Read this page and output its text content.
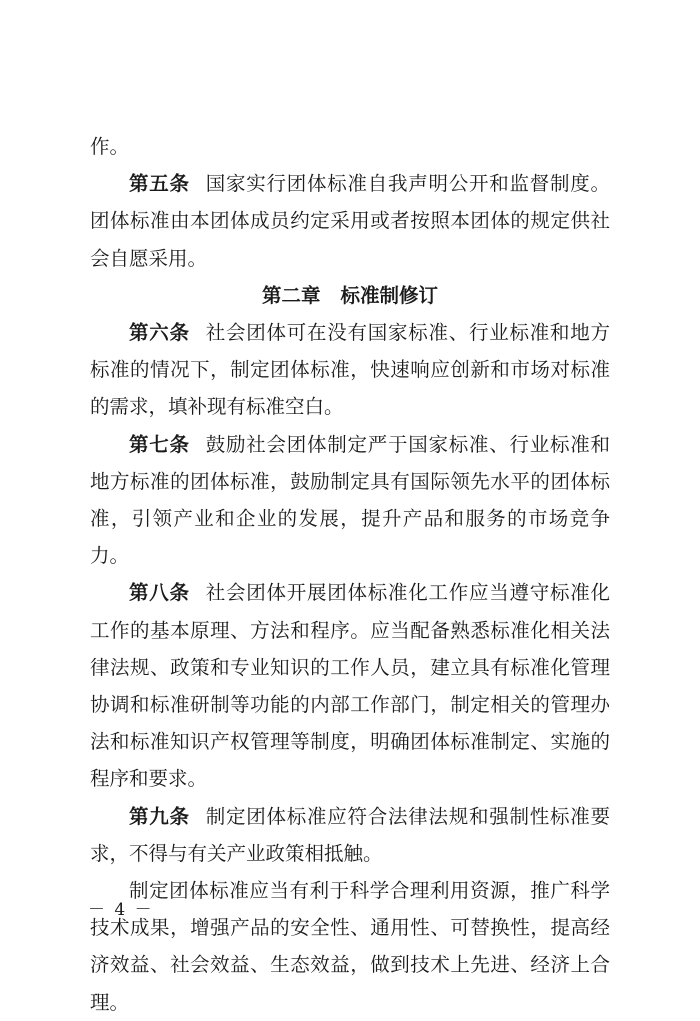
作。

第五条 国家实行团体标准自我声明公开和监督制度。团体标准由本团体成员约定采用或者按照本团体的规定供社会自愿采用。

第二章 标准制修订

第六条 社会团体可在没有国家标准、行业标准和地方标准的情况下，制定团体标准，快速响应创新和市场对标准的需求，填补现有标准空白。

第七条 鼓励社会团体制定严于国家标准、行业标准和地方标准的团体标准，鼓励制定具有国际领先水平的团体标准，引领产业和企业的发展，提升产品和服务的市场竞争力。

第八条 社会团体开展团体标准化工作应当遵守标准化工作的基本原理、方法和程序。应当配备熟悉标准化相关法律法规、政策和专业知识的工作人员，建立具有标准化管理协调和标准研制等功能的内部工作部门，制定相关的管理办法和标准知识产权管理等制度，明确团体标准制定、实施的程序和要求。

第九条 制定团体标准应符合法律法规和强制性标准要求，不得与有关产业政策相抵触。

制定团体标准应当有利于科学合理利用资源，推广科学技术成果，增强产品的安全性、通用性、可替换性，提高经济效益、社会效益、生态效益，做到技术上先进、经济上合理。

－ 4 －
